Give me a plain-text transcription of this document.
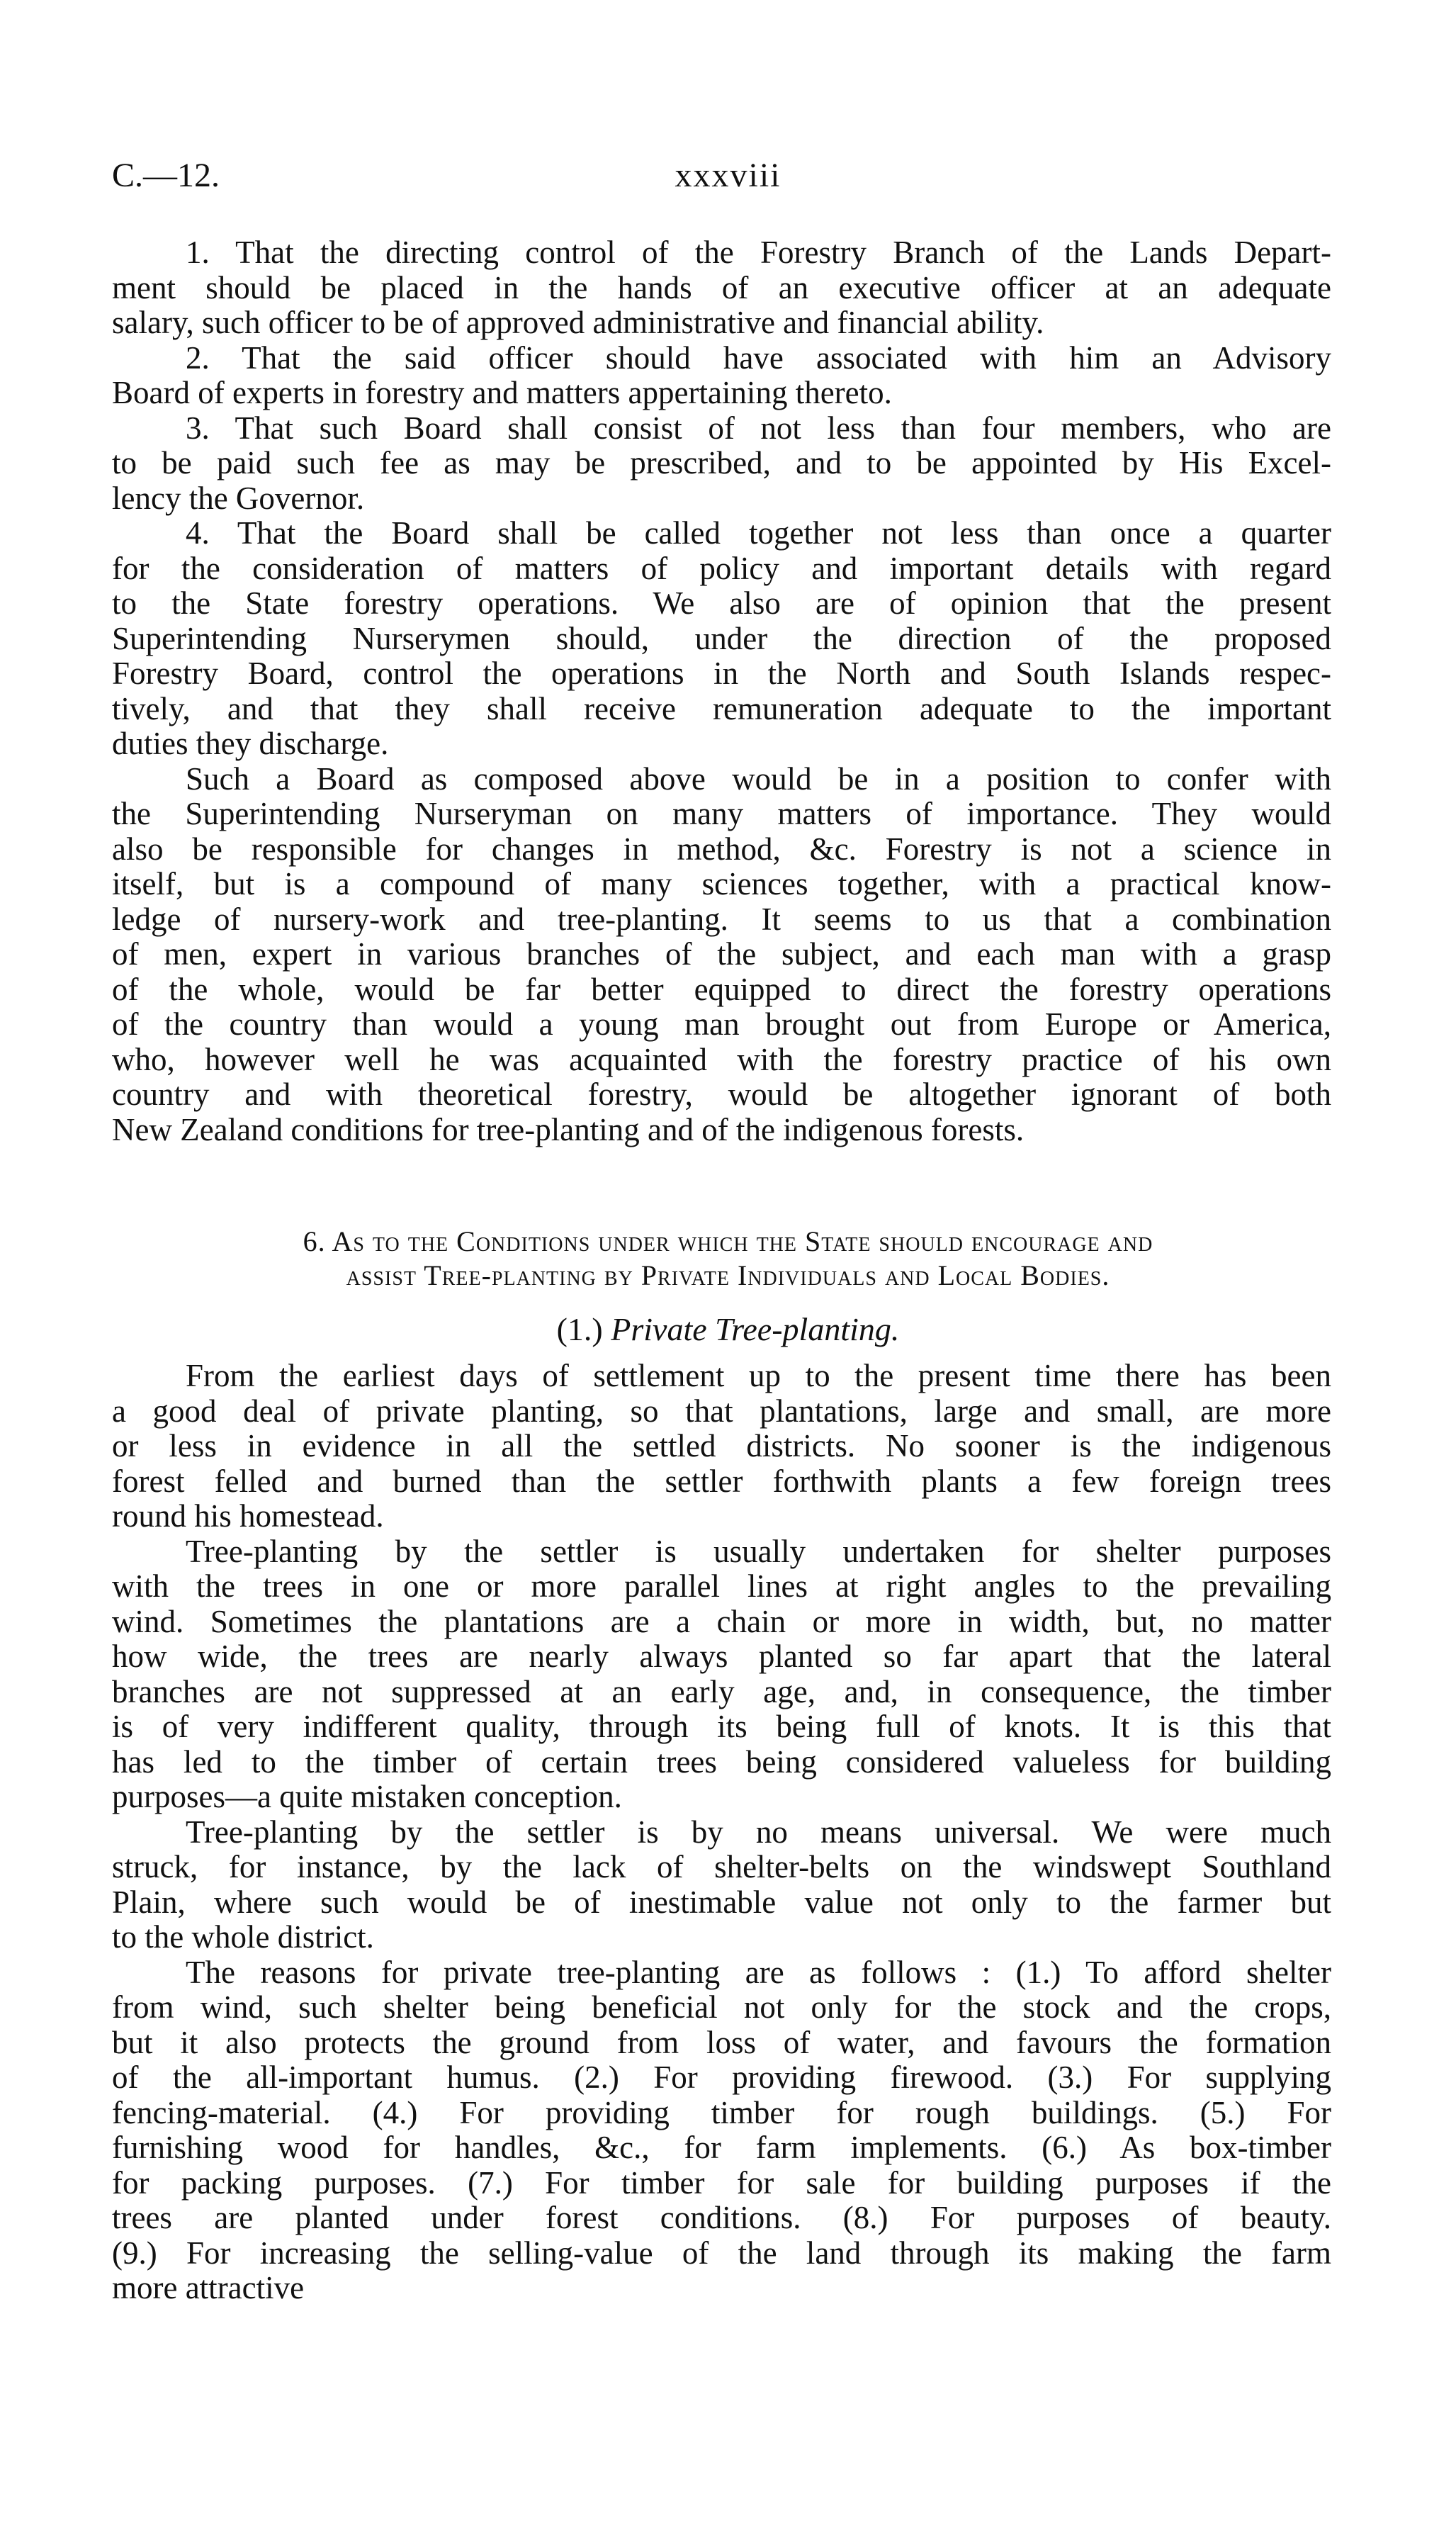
C.—12.	xxxviii
1. That the directing control of the Forestry Branch of the Lands Depart-
ment should be placed in the hands of an executive officer at an adequate
salary, such officer to be of approved administrative and financial ability.
2. That the said officer should have associated with him an Advisory
Board of experts in forestry and matters appertaining thereto.
3. That such Board shall consist of not less than four members, who are
to be paid such fee as may be prescribed, and to be appointed by His Excel-
lency the Governor.
4. That the Board shall be called together not less than once a quarter
for the consideration of matters of policy and important details with regard
to the State forestry operations. We also are of opinion that the present
Superintending Nurserymen should, under the direction of the proposed
Forestry Board, control the operations in the North and South Islands respec-
tively, and that they shall receive remuneration adequate to the important
duties they discharge.
Such a Board as composed above would be in a position to confer with
the Superintending Nurseryman on many matters of importance. They would
also be responsible for changes in method, &c. Forestry is not a science in
itself, but is a compound of many sciences together, with a practical know-
ledge of nursery-work and tree-planting. It seems to us that a combination
of men, expert in various branches of the subject, and each man with a grasp
of the whole, would be far better equipped to direct the forestry operations
of the country than would a young man brought out from Europe or America,
who, however well he was acquainted with the forestry practice of his own
country and with theoretical forestry, would be altogether ignorant of both
New Zealand conditions for tree-planting and of the indigenous forests.
6. As to the Conditions under which the State should encourage and
assist Tree-planting by Private Individuals and Local Bodies.
(1.) Private Tree-planting.
From the earliest days of settlement up to the present time there has been
a good deal of private planting, so that plantations, large and small, are more
or less in evidence in all the settled districts. No sooner is the indigenous
forest felled and burned than the settler forthwith plants a few foreign trees
round his homestead.
Tree-planting by the settler is usually undertaken for shelter purposes
with the trees in one or more parallel lines at right angles to the prevailing
wind. Sometimes the plantations are a chain or more in width, but, no matter
how wide, the trees are nearly always planted so far apart that the lateral
branches are not suppressed at an early age, and, in consequence, the timber
is of very indifferent quality, through its being full of knots. It is this that
has led to the timber of certain trees being considered valueless for building
purposes—a quite mistaken conception.
Tree-planting by the settler is by no means universal. We were much
struck, for instance, by the lack of shelter-belts on the windswept Southland
Plain, where such would be of inestimable value not only to the farmer but
to the whole district.
The reasons for private tree-planting are as follows : (1.) To afford shelter
from wind, such shelter being beneficial not only for the stock and the crops,
but it also protects the ground from loss of water, and favours the formation
of the all-important humus. (2.) For providing firewood. (3.) For supplying
fencing-material. (4.) For providing timber for rough buildings. (5.) For
furnishing wood for handles, &c., for farm implements. (6.) As box-timber
for packing purposes. (7.) For timber for sale for building purposes if the
trees are planted under forest conditions. (8.) For purposes of beauty.
(9.) For increasing the selling-value of the land through its making the farm
more attractive
